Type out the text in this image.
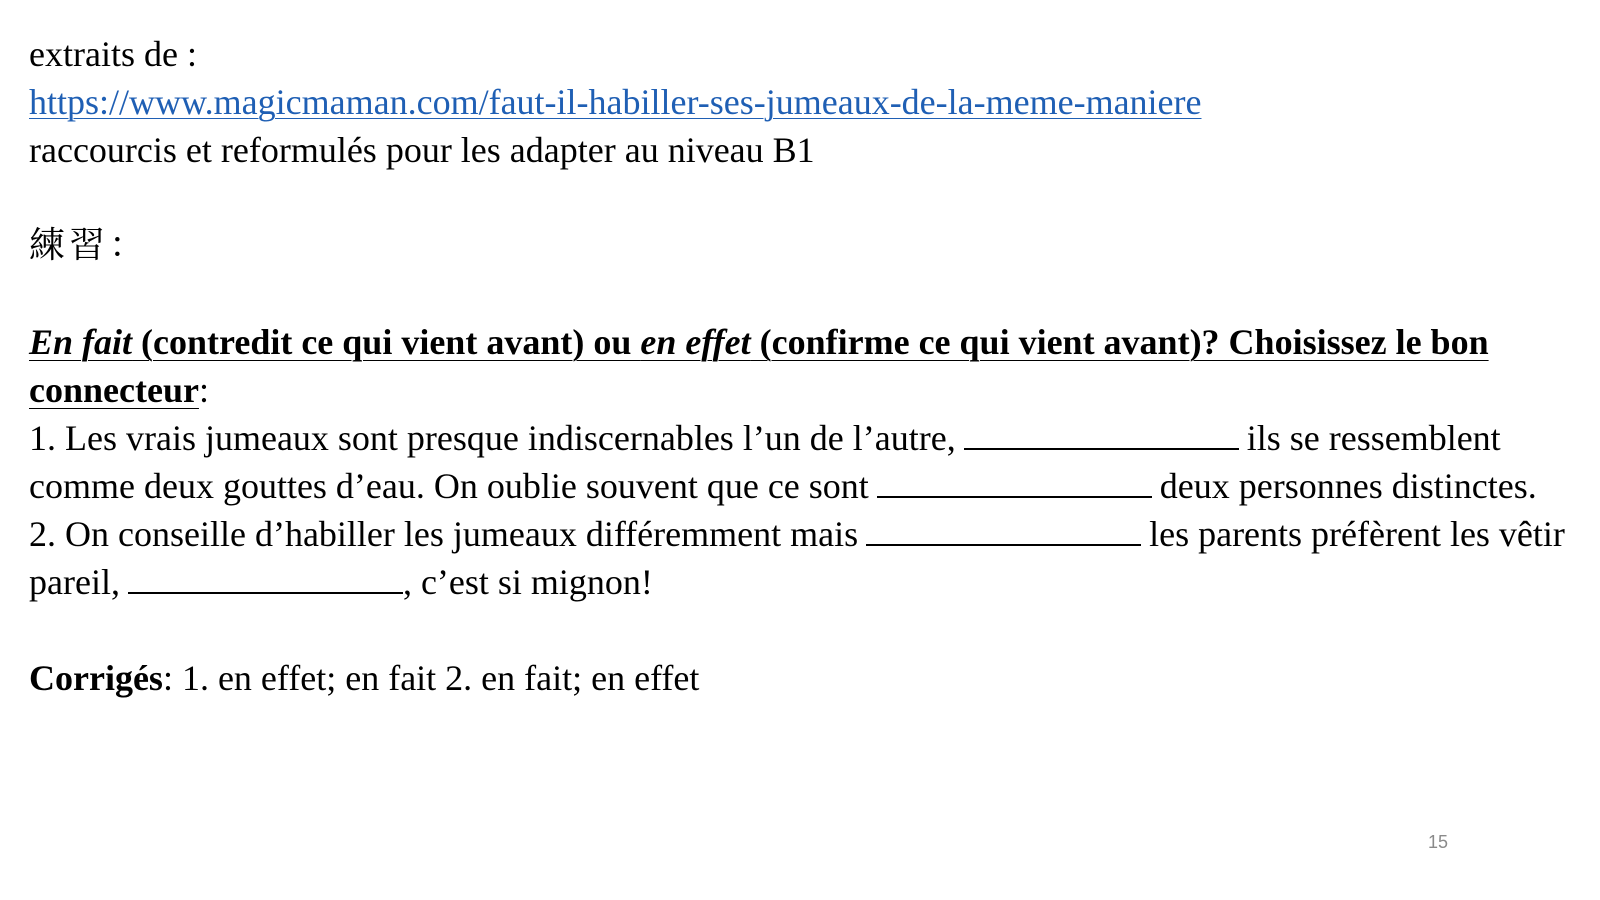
extraits de :
https://www.magicmaman.com/faut-il-habiller-ses-jumeaux-de-la-meme-maniere
raccourcis et reformulés pour les adapter au niveau B1
練習：
En fait (contredit ce qui vient avant) ou en effet (confirme ce qui vient avant)? Choisissez le bon connecteur:
1. Les vrais jumeaux sont presque indiscernables l’un de l’autre,	ils se ressemblent comme deux gouttes d’eau. On oublie souvent que ce sont	deux personnes distinctes.
2. On conseille d’habiller les jumeaux différemment mais	les parents préfèrent les vêtir pareil,	, c’est si mignon!
Corrigés: 1. en effet; en fait 2. en fait; en effet
15
